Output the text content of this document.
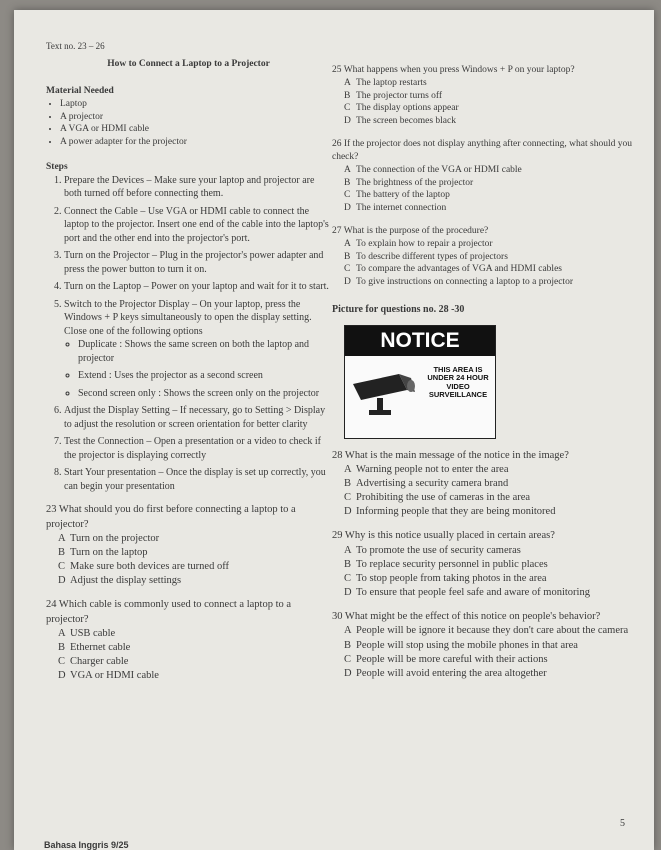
Text no. 23 – 26
How to Connect a Laptop to a Projector
Material Needed
• Laptop
• A projector
• A VGA or HDMI cable
• A power adapter for the projector
Steps
1. Prepare the Devices – Make sure your laptop and projector are both turned off before connecting them.
2. Connect the Cable – Use VGA or HDMI cable to connect the laptop to the projector. Insert one end of the cable into the laptop's port and the other end into the projector's port.
3. Turn on the Projector – Plug in the projector's power adapter and press the power button to turn it on.
4. Turn on the Laptop – Power on your laptop and wait for it to start.
5. Switch to the Projector Display – On your laptop, press the Windows + P keys simultaneously to open the display setting. Close one of the following options
◦ Duplicate : Shows the same screen on both the laptop and projector
◦ Extend : Uses the projector as a second screen
◦ Second screen only : Shows the screen only on the projector
6. Adjust the Display Setting – If necessary, go to Setting > Display to adjust the resolution or screen orientation for better clarity
7. Test the Connection – Open a presentation or a video to check if the projector is displaying correctly
8. Start Your presentation – Once the display is set up correctly, you can begin your presentation
23 What should you do first before connecting a laptop to a projector?
A Turn on the projector
B Turn on the laptop
C Make sure both devices are turned off
D Adjust the display settings
24 Which cable is commonly used to connect a laptop to a projector?
A USB cable
B Ethernet cable
C Charger cable
D VGA or HDMI cable
25 What happens when you press Windows + P on your laptop?
A The laptop restarts
B The projector turns off
C The display options appear
D The screen becomes black
26 If the projector does not display anything after connecting, what should you check?
A The connection of the VGA or HDMI cable
B The brightness of the projector
C The battery of the laptop
D The internet connection
27 What is the purpose of the procedure?
A To explain how to repair a projector
B To describe different types of projectors
C To compare the advantages of VGA and HDMI cables
D To give instructions on connecting a laptop to a projector
Picture for questions no. 28 -30
NOTICE
THIS AREA IS
UNDER 24 HOUR
VIDEO
SURVEILLANCE
28 What is the main message of the notice in the image?
A Warning people not to enter the area
B Advertising a security camera brand
C Prohibiting the use of cameras in the area
D Informing people that they are being monitored
29 Why is this notice usually placed in certain areas?
A To promote the use of security cameras
B To replace security personnel in public places
C To stop people from taking photos in the area
D To ensure that people feel safe and aware of monitoring
30 What might be the effect of this notice on people's behavior?
A People will be ignore it because they don't care about the camera
B People will stop using the mobile phones in that area
C People will be more careful with their actions
D People will avoid entering the area altogether
5
Bahasa Inggris 9/25
